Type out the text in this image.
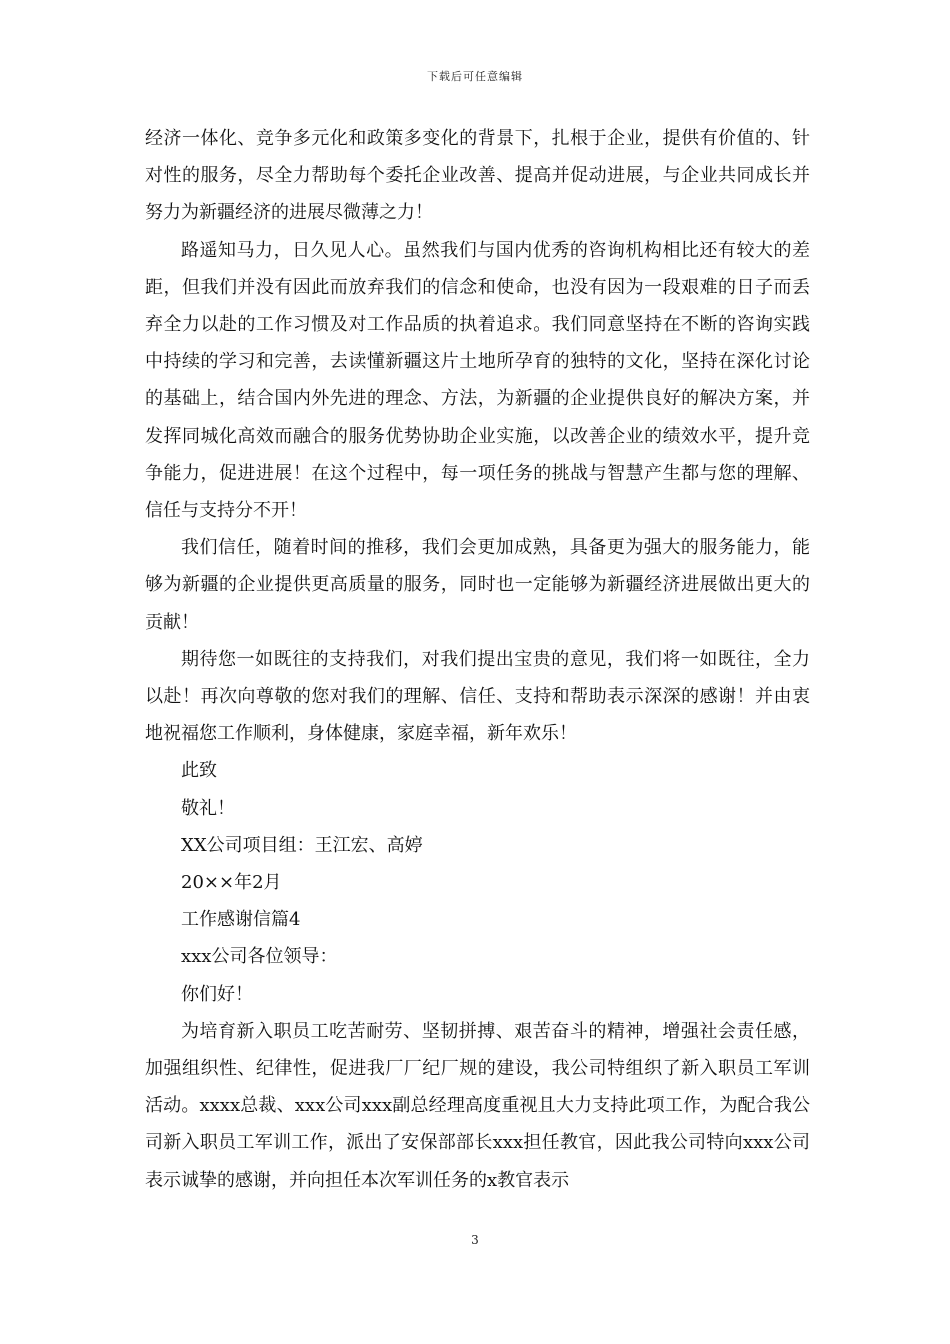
下载后可任意编辑

经济一体化、竞争多元化和政策多变化的背景下，扎根于企业，提供有价值的、针对性的服务，尽全力帮助每个委托企业改善、提高并促动进展，与企业共同成长并努力为新疆经济的进展尽微薄之力！

路遥知马力，日久见人心。虽然我们与国内优秀的咨询机构相比还有较大的差距，但我们并没有因此而放弃我们的信念和使命，也没有因为一段艰难的日子而丢弃全力以赴的工作习惯及对工作品质的执着追求。我们同意坚持在不断的咨询实践中持续的学习和完善，去读懂新疆这片土地所孕育的独特的文化，坚持在深化讨论的基础上，结合国内外先进的理念、方法，为新疆的企业提供良好的解决方案，并发挥同城化高效而融合的服务优势协助企业实施，以改善企业的绩效水平，提升竞争能力，促进进展！在这个过程中，每一项任务的挑战与智慧产生都与您的理解、信任与支持分不开！

我们信任，随着时间的推移，我们会更加成熟，具备更为强大的服务能力，能够为新疆的企业提供更高质量的服务，同时也一定能够为新疆经济进展做出更大的贡献！

期待您一如既往的支持我们，对我们提出宝贵的意见，我们将一如既往，全力以赴！再次向尊敬的您对我们的理解、信任、支持和帮助表示深深的感谢！并由衷地祝福您工作顺利，身体健康，家庭幸福，新年欢乐！

此致

敬礼！

XX公司项目组：王江宏、高婷

20××年2月

工作感谢信篇4

xxx公司各位领导：

你们好！

为培育新入职员工吃苦耐劳、坚韧拼搏、艰苦奋斗的精神，增强社会责任感，加强组织性、纪律性，促进我厂厂纪厂规的建设，我公司特组织了新入职员工军训活动。xxxx总裁、xxx公司xxx副总经理高度重视且大力支持此项工作，为配合我公司新入职员工军训工作，派出了安保部部长xxx担任教官，因此我公司特向xxx公司表示诚挚的感谢，并向担任本次军训任务的x教官表示

3
